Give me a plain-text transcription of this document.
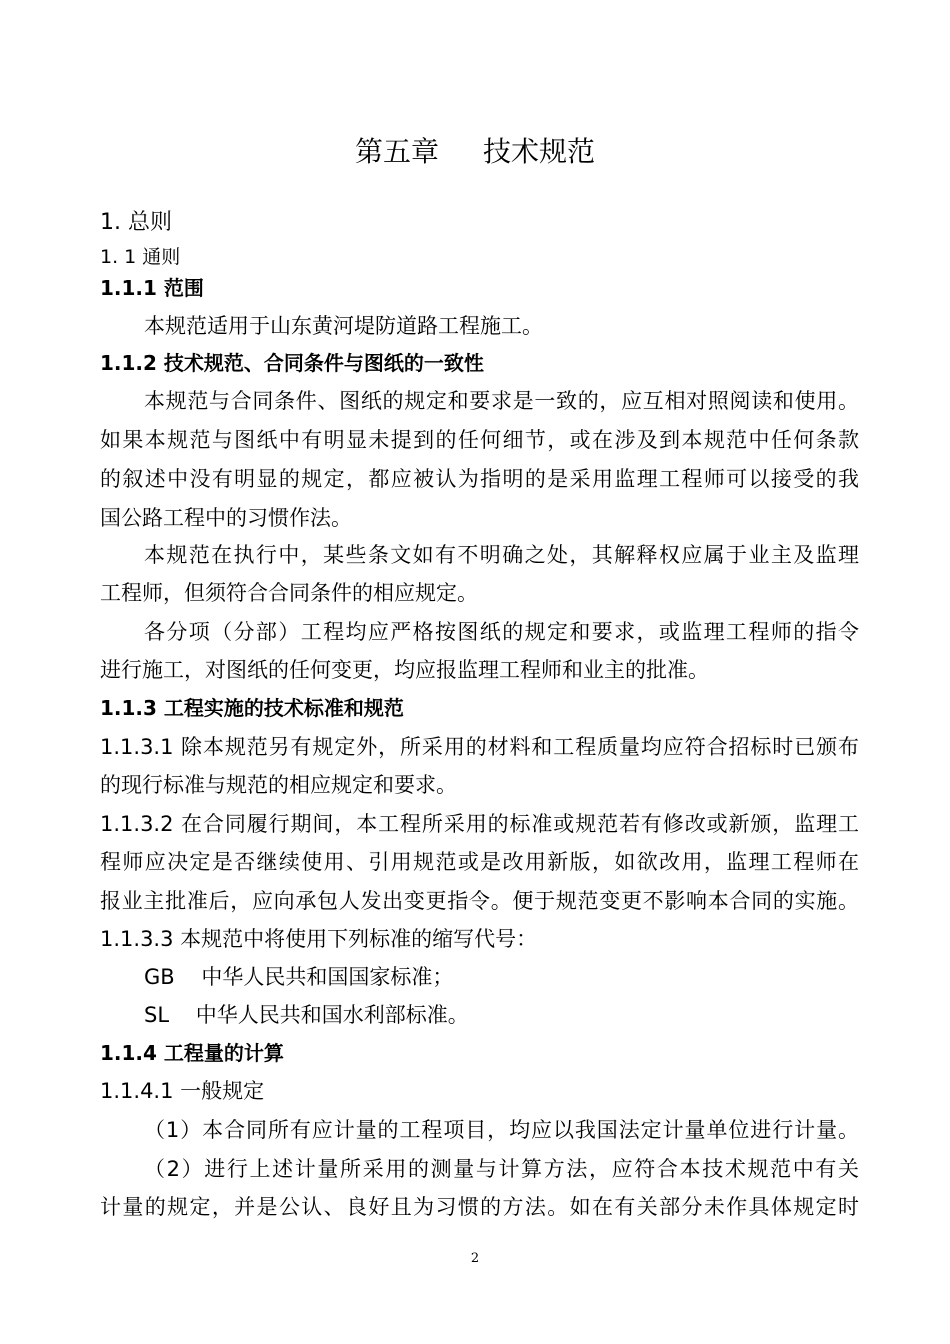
第五章 技术规范
1. 总则
1. 1 通则
1.1.1 范围
本规范适用于山东黄河堤防道路工程施工。
1.1.2 技术规范、合同条件与图纸的一致性
本规范与合同条件、图纸的规定和要求是一致的，应互相对照阅读和使用。
如果本规范与图纸中有明显未提到的任何细节，或在涉及到本规范中任何条款
的叙述中没有明显的规定，都应被认为指明的是采用监理工程师可以接受的我
国公路工程中的习惯作法。
本规范在执行中，某些条文如有不明确之处，其解释权应属于业主及监理
工程师，但须符合合同条件的相应规定。
各分项（分部）工程均应严格按图纸的规定和要求，或监理工程师的指令
进行施工，对图纸的任何变更，均应报监理工程师和业主的批准。
1.1.3 工程实施的技术标准和规范
1.1.3.1 除本规范另有规定外，所采用的材料和工程质量均应符合招标时已颁布
的现行标准与规范的相应规定和要求。
1.1.3.2 在合同履行期间，本工程所采用的标准或规范若有修改或新颁，监理工
程师应决定是否继续使用、引用规范或是改用新版，如欲改用，监理工程师在
报业主批准后，应向承包人发出变更指令。便于规范变更不影响本合同的实施。
1.1.3.3 本规范中将使用下列标准的缩写代号：
GB    中华人民共和国国家标准；
SL    中华人民共和国水利部标准。
1.1.4 工程量的计算
1.1.4.1 一般规定
（1）本合同所有应计量的工程项目，均应以我国法定计量单位进行计量。
（2）进行上述计量所采用的测量与计算方法，应符合本技术规范中有关
计量的规定，并是公认、良好且为习惯的方法。如在有关部分未作具体规定时
2
